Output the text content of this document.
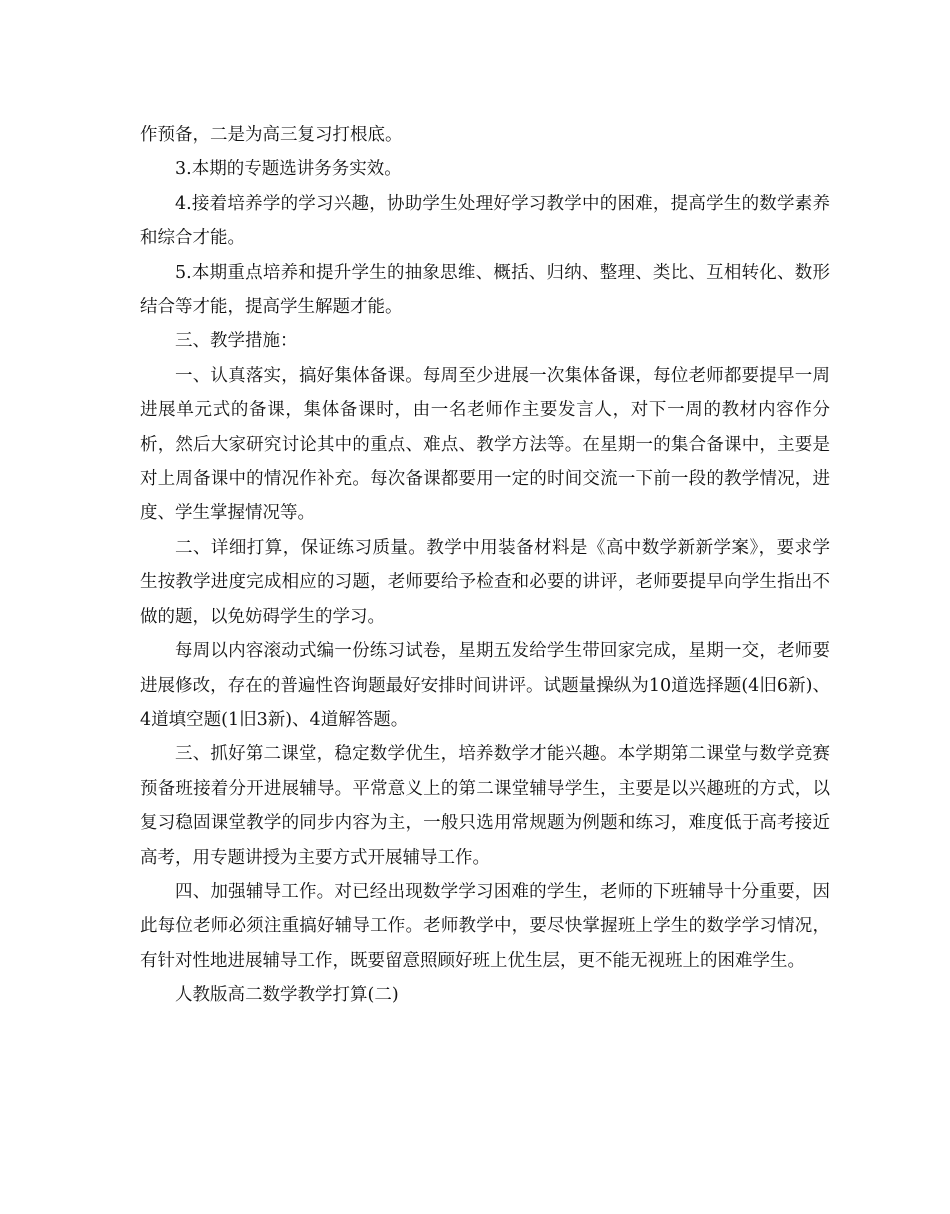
作预备，二是为高三复习打根底。

3.本期的专题选讲务务实效。

4.接着培养学的学习兴趣，协助学生处理好学习教学中的困难，提高学生的数学素养和综合才能。

5.本期重点培养和提升学生的抽象思维、概括、归纳、整理、类比、互相转化、数形结合等才能，提高学生解题才能。

三、教学措施：

一、认真落实，搞好集体备课。每周至少进展一次集体备课，每位老师都要提早一周进展单元式的备课，集体备课时，由一名老师作主要发言人，对下一周的教材内容作分析，然后大家研究讨论其中的重点、难点、教学方法等。在星期一的集合备课中，主要是对上周备课中的情况作补充。每次备课都要用一定的时间交流一下前一段的教学情况，进度、学生掌握情况等。

二、详细打算，保证练习质量。教学中用装备材料是《高中数学新新学案》，要求学生按教学进度完成相应的习题，老师要给予检查和必要的讲评，老师要提早向学生指出不做的题，以免妨碍学生的学习。

每周以内容滚动式编一份练习试卷，星期五发给学生带回家完成，星期一交，老师要进展修改，存在的普遍性咨询题最好安排时间讲评。试题量操纵为10道选择题(4旧6新)、4道填空题(1旧3新)、4道解答题。

三、抓好第二课堂，稳定数学优生，培养数学才能兴趣。本学期第二课堂与数学竞赛预备班接着分开进展辅导。平常意义上的第二课堂辅导学生，主要是以兴趣班的方式，以复习稳固课堂教学的同步内容为主，一般只选用常规题为例题和练习，难度低于高考接近高考，用专题讲授为主要方式开展辅导工作。

四、加强辅导工作。对已经出现数学学习困难的学生，老师的下班辅导十分重要，因此每位老师必须注重搞好辅导工作。老师教学中，要尽快掌握班上学生的数学学习情况，有针对性地进展辅导工作，既要留意照顾好班上优生层，更不能无视班上的困难学生。

人教版高二数学教学打算(二)
